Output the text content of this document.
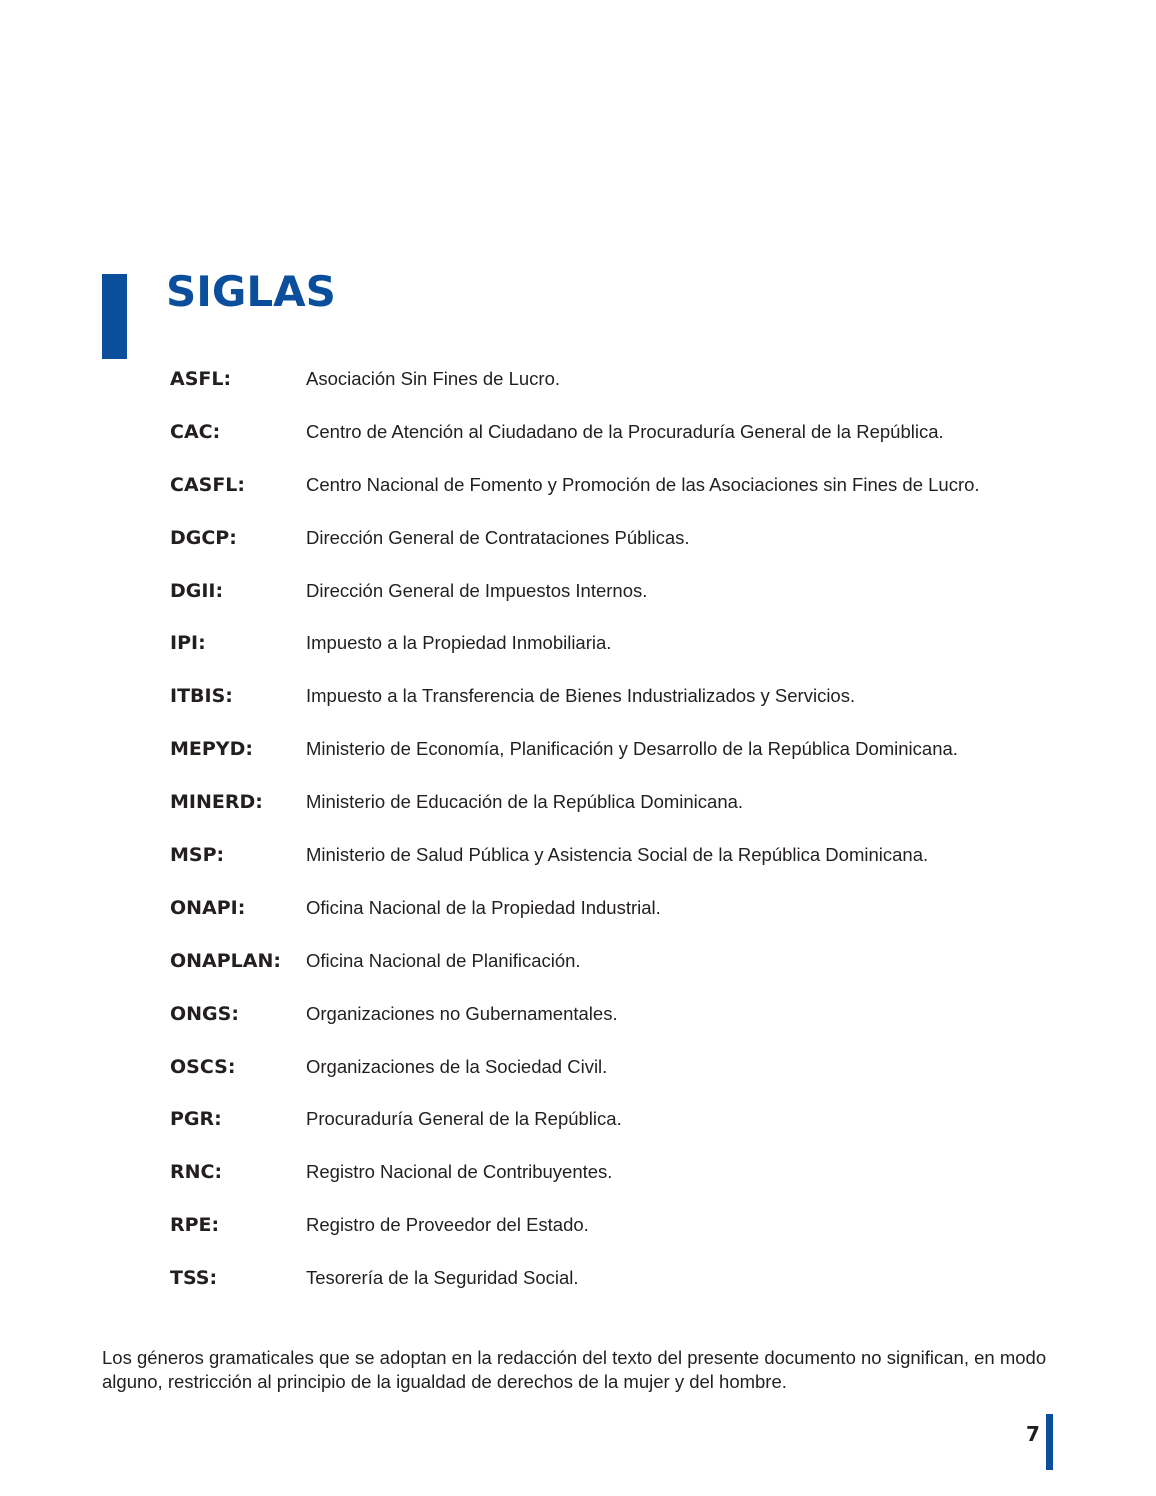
SIGLAS
ASFL:	Asociación Sin Fines de Lucro.
CAC:	Centro de Atención al Ciudadano de la Procuraduría General de la República.
CASFL:	Centro Nacional de Fomento y Promoción de las Asociaciones sin Fines de Lucro.
DGCP:	Dirección General de Contrataciones Públicas.
DGII:	Dirección General de Impuestos Internos.
IPI:	Impuesto a la Propiedad Inmobiliaria.
ITBIS:	Impuesto a la Transferencia de Bienes Industrializados y Servicios.
MEPYD:	Ministerio de Economía, Planificación y Desarrollo de la República Dominicana.
MINERD:	Ministerio de Educación de la República Dominicana.
MSP:	Ministerio de Salud Pública y Asistencia Social de la República Dominicana.
ONAPI:	Oficina Nacional de la Propiedad Industrial.
ONAPLAN:	Oficina Nacional de Planificación.
ONGS:	Organizaciones no Gubernamentales.
OSCS:	Organizaciones de la Sociedad Civil.
PGR:	Procuraduría General de la República.
RNC:	Registro Nacional de Contribuyentes.
RPE:	Registro de Proveedor del Estado.
TSS:	Tesorería de la Seguridad Social.

Los géneros gramaticales que se adoptan en la redacción del texto del presente documento no significan, en modo alguno, restricción al principio de la igualdad de derechos de la mujer y del hombre.

7
